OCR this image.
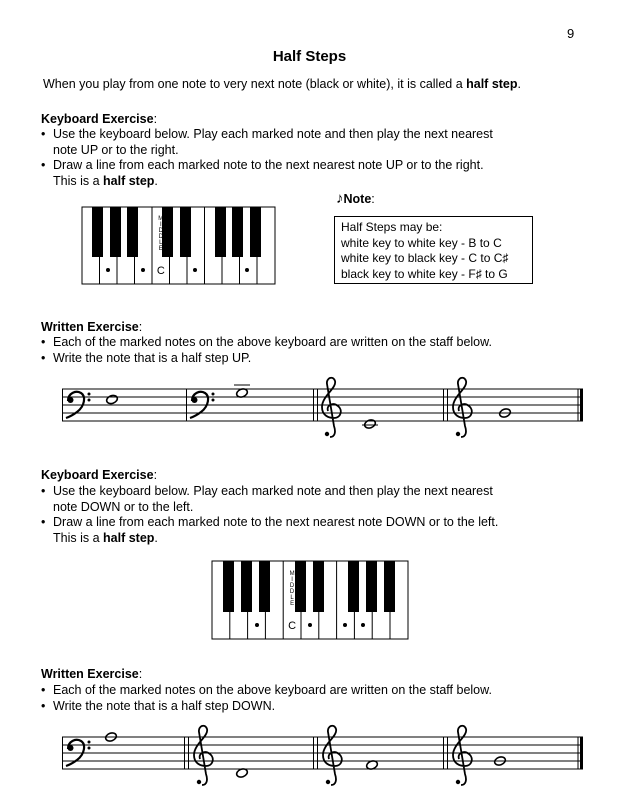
9
Half Steps
When you play from one note to very next note (black or white), it is called a half step.
Keyboard Exercise:
• Use the keyboard below. Play each marked note and then play the next nearest
note UP or to the right.
• Draw a line from each marked note to the next nearest note UP or to the right.
This is a half step.
♪Note:
Half Steps may be:
white key to white key - B to C
white key to black key - C to C♯
black key to white key - F♯ to G
C
M
I
D
D
L
E
Written Exercise:
• Each of the marked notes on the above keyboard are written on the staff below.
• Write the note that is a half step UP.
Keyboard Exercise:
• Use the keyboard below. Play each marked note and then play the next nearest
note DOWN or to the left.
• Draw a line from each marked note to the next nearest note DOWN or to the left.
This is a half step.
C
M
I
D
D
L
E
Written Exercise:
• Each of the marked notes on the above keyboard are written on the staff below.
• Write the note that is a half step DOWN.
